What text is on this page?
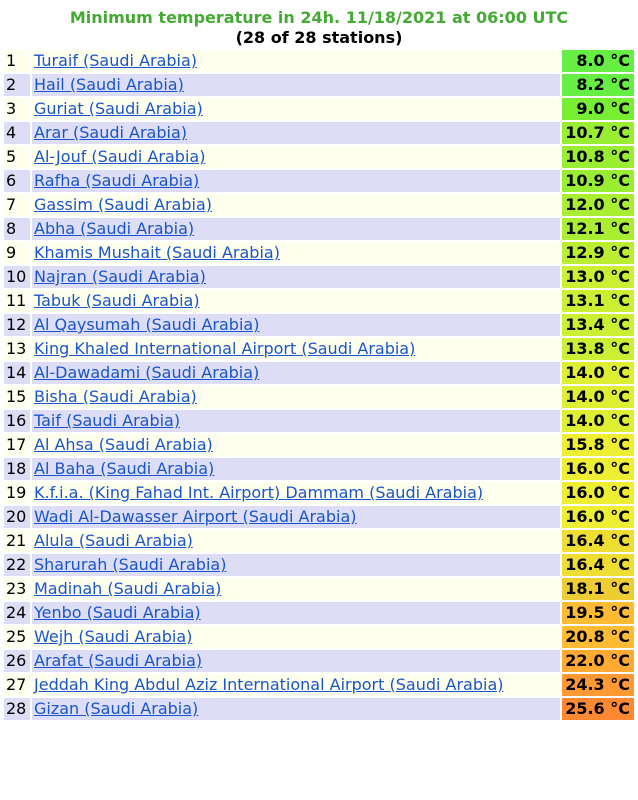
Minimum temperature in 24h. 11/18/2021 at 06:00 UTC
(28 of 28 stations)
1	Turaif (Saudi Arabia)	8.0 °C
2	Hail (Saudi Arabia)	8.2 °C
3	Guriat (Saudi Arabia)	9.0 °C
4	Arar (Saudi Arabia)	10.7 °C
5	Al-Jouf (Saudi Arabia)	10.8 °C
6	Rafha (Saudi Arabia)	10.9 °C
7	Gassim (Saudi Arabia)	12.0 °C
8	Abha (Saudi Arabia)	12.1 °C
9	Khamis Mushait (Saudi Arabia)	12.9 °C
10	Najran (Saudi Arabia)	13.0 °C
11	Tabuk (Saudi Arabia)	13.1 °C
12	Al Qaysumah (Saudi Arabia)	13.4 °C
13	King Khaled International Airport (Saudi Arabia)	13.8 °C
14	Al-Dawadami (Saudi Arabia)	14.0 °C
15	Bisha (Saudi Arabia)	14.0 °C
16	Taif (Saudi Arabia)	14.0 °C
17	Al Ahsa (Saudi Arabia)	15.8 °C
18	Al Baha (Saudi Arabia)	16.0 °C
19	K.f.i.a. (King Fahad Int. Airport) Dammam (Saudi Arabia)	16.0 °C
20	Wadi Al-Dawasser Airport (Saudi Arabia)	16.0 °C
21	Alula (Saudi Arabia)	16.4 °C
22	Sharurah (Saudi Arabia)	16.4 °C
23	Madinah (Saudi Arabia)	18.1 °C
24	Yenbo (Saudi Arabia)	19.5 °C
25	Wejh (Saudi Arabia)	20.8 °C
26	Arafat (Saudi Arabia)	22.0 °C
27	Jeddah King Abdul Aziz International Airport (Saudi Arabia)	24.3 °C
28	Gizan (Saudi Arabia)	25.6 °C
